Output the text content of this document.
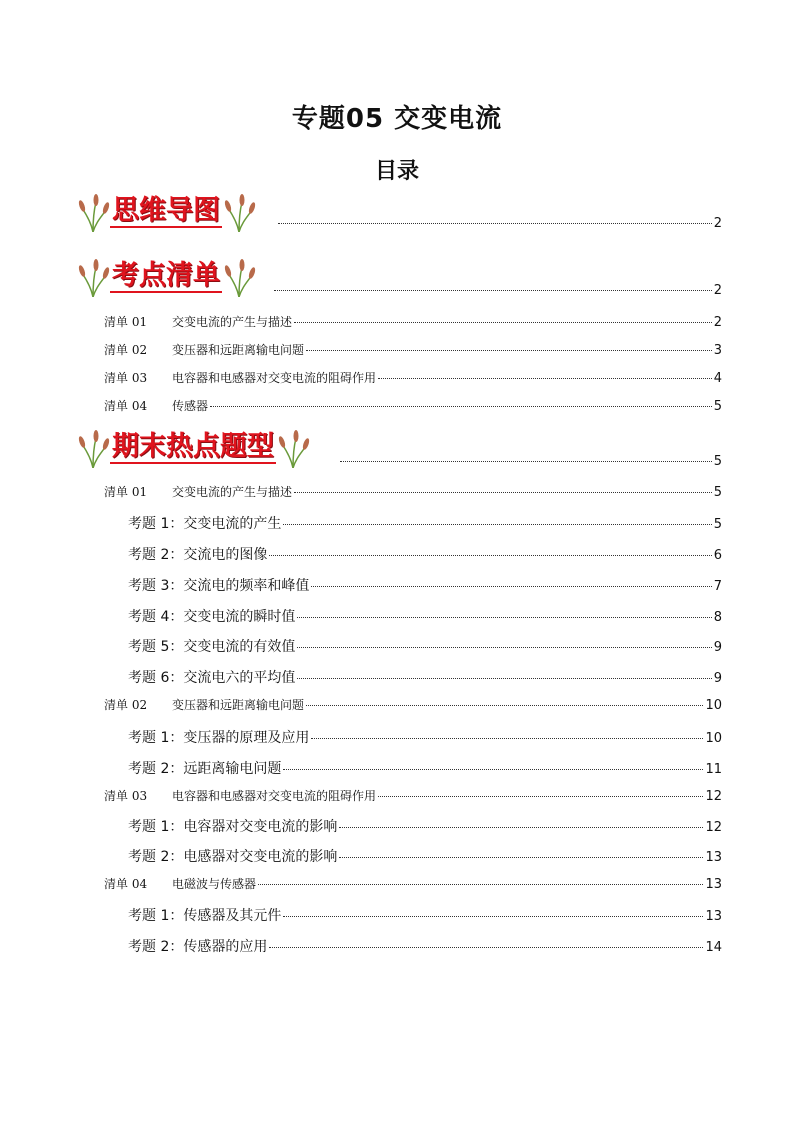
专题05 交变电流
目录
思维导图	2
考点清单	2
清单 01	交变电流的产生与描述	2
清单 02	变压器和远距离输电问题	3
清单 03	电容器和电感器对交变电流的阻碍作用	4
清单 04	传感器	5
期末热点题型	5
清单 01	交变电流的产生与描述	5
考题 1：交变电流的产生	5
考题 2：交流电的图像	6
考题 3：交流电的频率和峰值	7
考题 4：交变电流的瞬时值	8
考题 5：交变电流的有效值	9
考题 6：交流电六的平均值	9
清单 02	变压器和远距离输电问题	10
考题 1：变压器的原理及应用	10
考题 2：远距离输电问题	11
清单 03	电容器和电感器对交变电流的阻碍作用	12
考题 1：电容器对交变电流的影响	12
考题 2：电感器对交变电流的影响	13
清单 04	电磁波与传感器	13
考题 1：传感器及其元件	13
考题 2：传感器的应用	14
